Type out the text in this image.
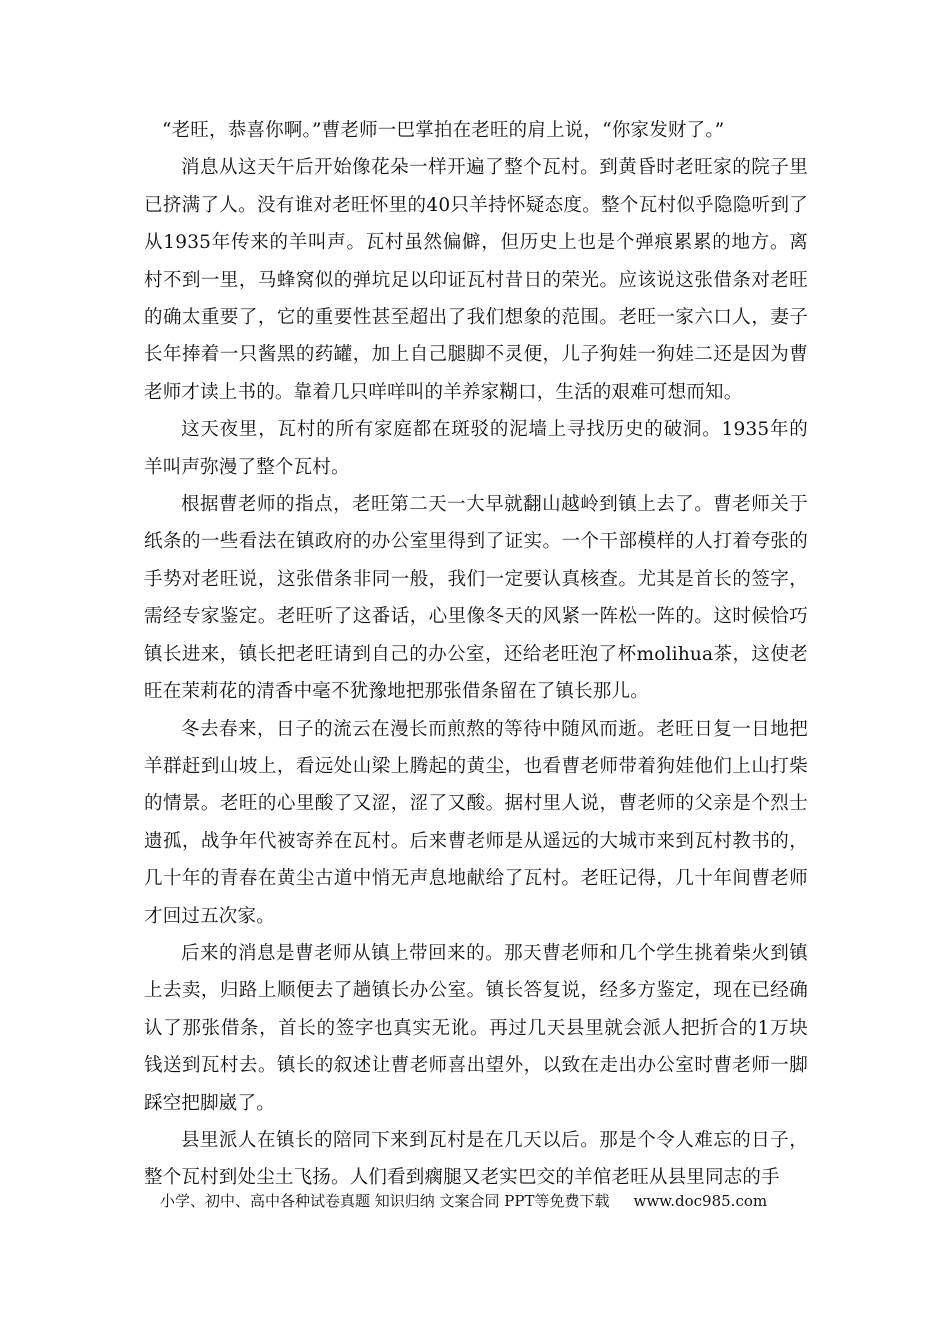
“老旺，恭喜你啊。”曹老师一巴掌拍在老旺的肩上说，“你家发财了。”

消息从这天午后开始像花朵一样开遍了整个瓦村。到黄昏时老旺家的院子里已挤满了人。没有谁对老旺怀里的40只羊持怀疑态度。整个瓦村似乎隐隐听到了从1935年传来的羊叫声。瓦村虽然偏僻，但历史上也是个弹痕累累的地方。离村不到一里，马蜂窝似的弹坑足以印证瓦村昔日的荣光。应该说这张借条对老旺的确太重要了，它的重要性甚至超出了我们想象的范围。老旺一家六口人，妻子长年捧着一只酱黑的药罐，加上自己腿脚不灵便，儿子狗娃一狗娃二还是因为曹老师才读上书的。靠着几只咩咩叫的羊养家糊口，生活的艰难可想而知。

这天夜里，瓦村的所有家庭都在斑驳的泥墙上寻找历史的破洞。1935年的羊叫声弥漫了整个瓦村。

根据曹老师的指点，老旺第二天一大早就翻山越岭到镇上去了。曹老师关于纸条的一些看法在镇政府的办公室里得到了证实。一个干部模样的人打着夸张的手势对老旺说，这张借条非同一般，我们一定要认真核查。尤其是首长的签字，需经专家鉴定。老旺听了这番话，心里像冬天的风紧一阵松一阵的。这时候恰巧镇长进来，镇长把老旺请到自己的办公室，还给老旺泡了杯molihua茶，这使老旺在茉莉花的清香中毫不犹豫地把那张借条留在了镇长那儿。

冬去春来，日子的流云在漫长而煎熬的等待中随风而逝。老旺日复一日地把羊群赶到山坡上，看远处山梁上腾起的黄尘，也看曹老师带着狗娃他们上山打柴的情景。老旺的心里酸了又涩，涩了又酸。据村里人说，曹老师的父亲是个烈士遗孤，战争年代被寄养在瓦村。后来曹老师是从遥远的大城市来到瓦村教书的，几十年的青春在黄尘古道中悄无声息地献给了瓦村。老旺记得，几十年间曹老师才回过五次家。

后来的消息是曹老师从镇上带回来的。那天曹老师和几个学生挑着柴火到镇上去卖，归路上顺便去了趟镇长办公室。镇长答复说，经多方鉴定，现在已经确认了那张借条，首长的签字也真实无讹。再过几天县里就会派人把折合的1万块钱送到瓦村去。镇长的叙述让曹老师喜出望外，以致在走出办公室时曹老师一脚踩空把脚崴了。

县里派人在镇长的陪同下来到瓦村是在几天以后。那是个令人难忘的日子，整个瓦村到处尘土飞扬。人们看到瘸腿又老实巴交的羊倌老旺从县里同志的手

小学、初中、高中各种试卷真题 知识归纳 文案合同 PPT等免费下载 www.doc985.com
